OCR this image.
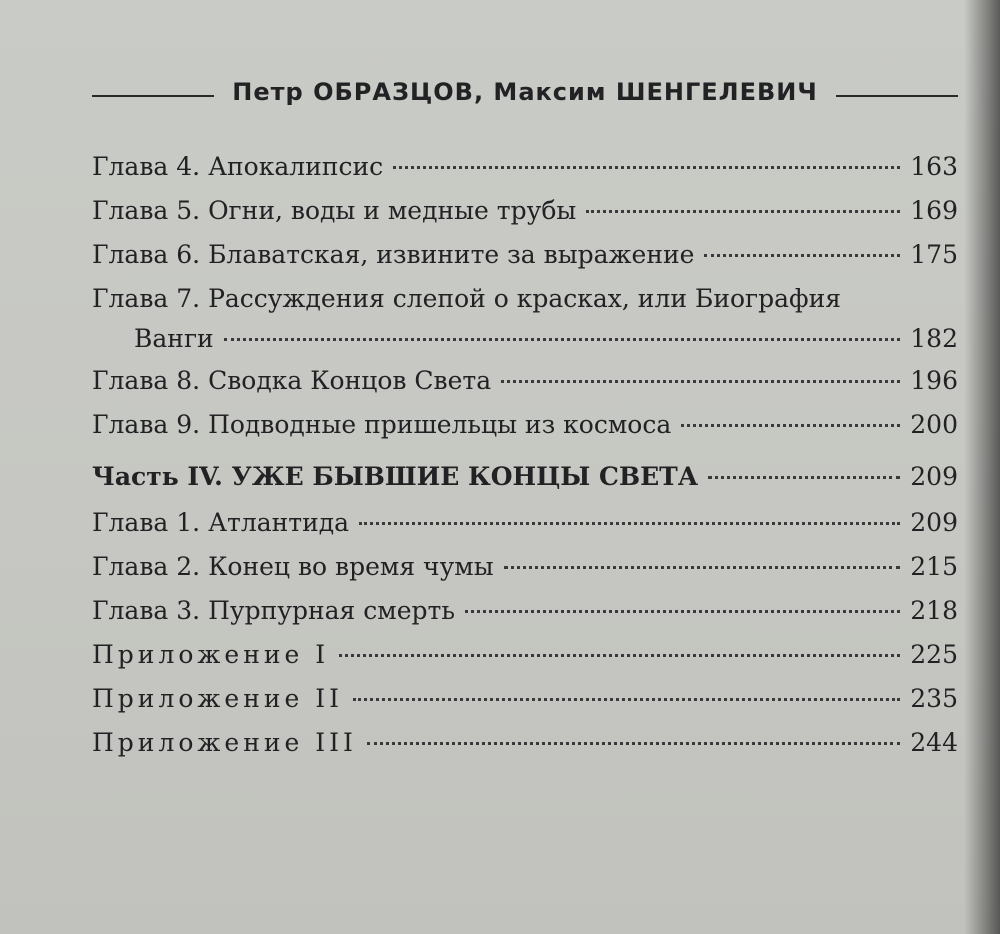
Петр ОБРАЗЦОВ, Максим ШЕНГЕЛЕВИЧ
Глава 4. Апокалипсис	163
Глава 5. Огни, воды и медные трубы	169
Глава 6. Блаватская, извините за выражение	175
Глава 7. Рассуждения слепой о красках, или Биография
Ванги	182
Глава 8. Сводка Концов Света	196
Глава 9. Подводные пришельцы из космоса	200
Часть IV. УЖЕ БЫВШИЕ КОНЦЫ СВЕТА	209
Глава 1. Атлантида	209
Глава 2. Конец во время чумы	215
Глава 3. Пурпурная смерть	218
Приложение I	225
Приложение II	235
Приложение III	244
